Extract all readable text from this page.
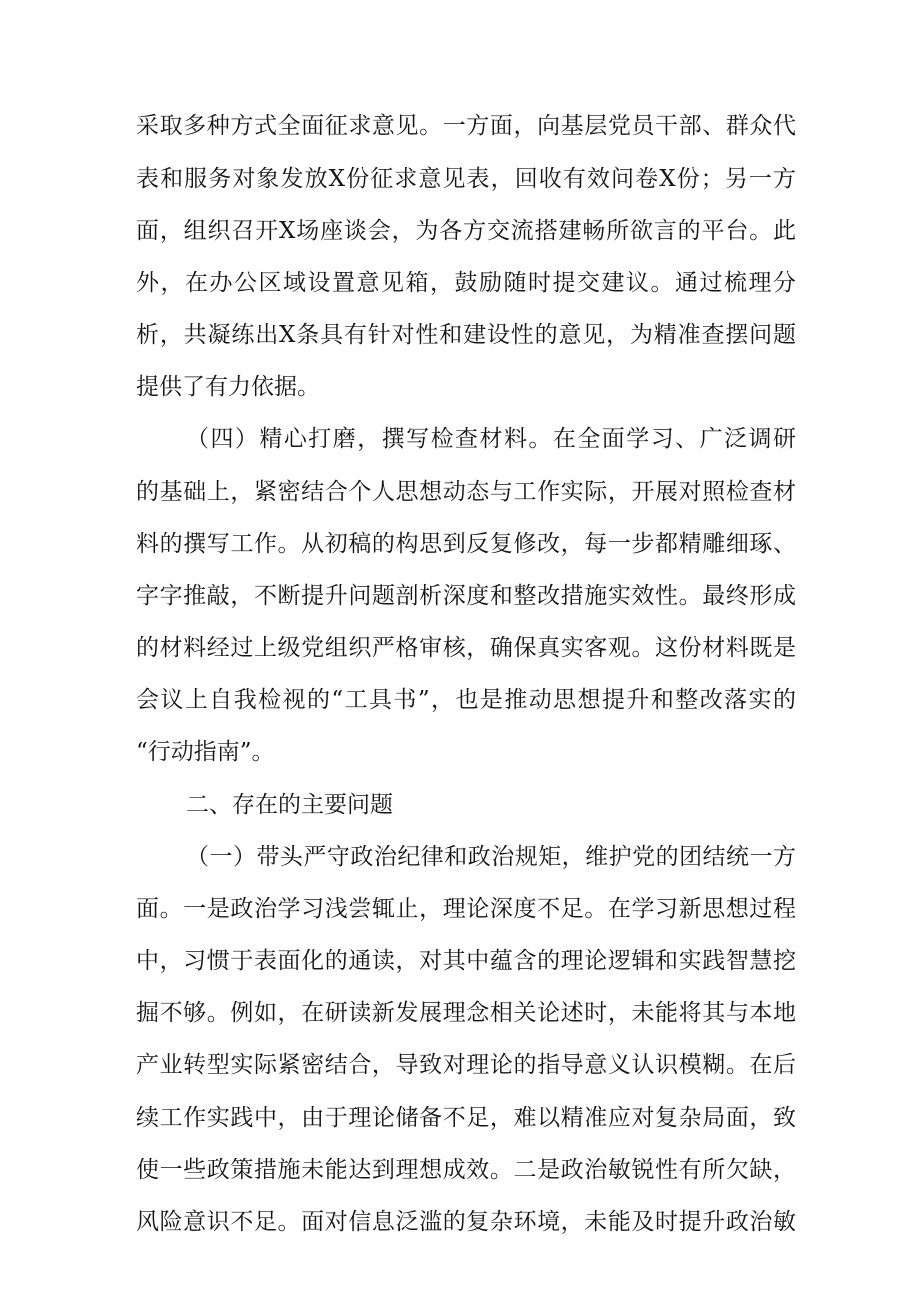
采取多种方式全面征求意见。一方面，向基层党员干部、群众代
表和服务对象发放X份征求意见表，回收有效问卷X份；另一方
面，组织召开X场座谈会，为各方交流搭建畅所欲言的平台。此
外，在办公区域设置意见箱，鼓励随时提交建议。通过梳理分
析，共凝练出X条具有针对性和建设性的意见，为精准查摆问题
提供了有力依据。
（四）精心打磨，撰写检查材料。在全面学习、广泛调研
的基础上，紧密结合个人思想动态与工作实际，开展对照检查材
料的撰写工作。从初稿的构思到反复修改，每一步都精雕细琢、
字字推敲，不断提升问题剖析深度和整改措施实效性。最终形成
的材料经过上级党组织严格审核，确保真实客观。这份材料既是
会议上自我检视的“工具书”，也是推动思想提升和整改落实的
“行动指南”。
二、存在的主要问题
（一）带头严守政治纪律和政治规矩，维护党的团结统一方
面。一是政治学习浅尝辄止，理论深度不足。在学习新思想过程
中，习惯于表面化的通读，对其中蕴含的理论逻辑和实践智慧挖
掘不够。例如，在研读新发展理念相关论述时，未能将其与本地
产业转型实际紧密结合，导致对理论的指导意义认识模糊。在后
续工作实践中，由于理论储备不足，难以精准应对复杂局面，致
使一些政策措施未能达到理想成效。二是政治敏锐性有所欠缺，
风险意识不足。面对信息泛滥的复杂环境，未能及时提升政治敏
